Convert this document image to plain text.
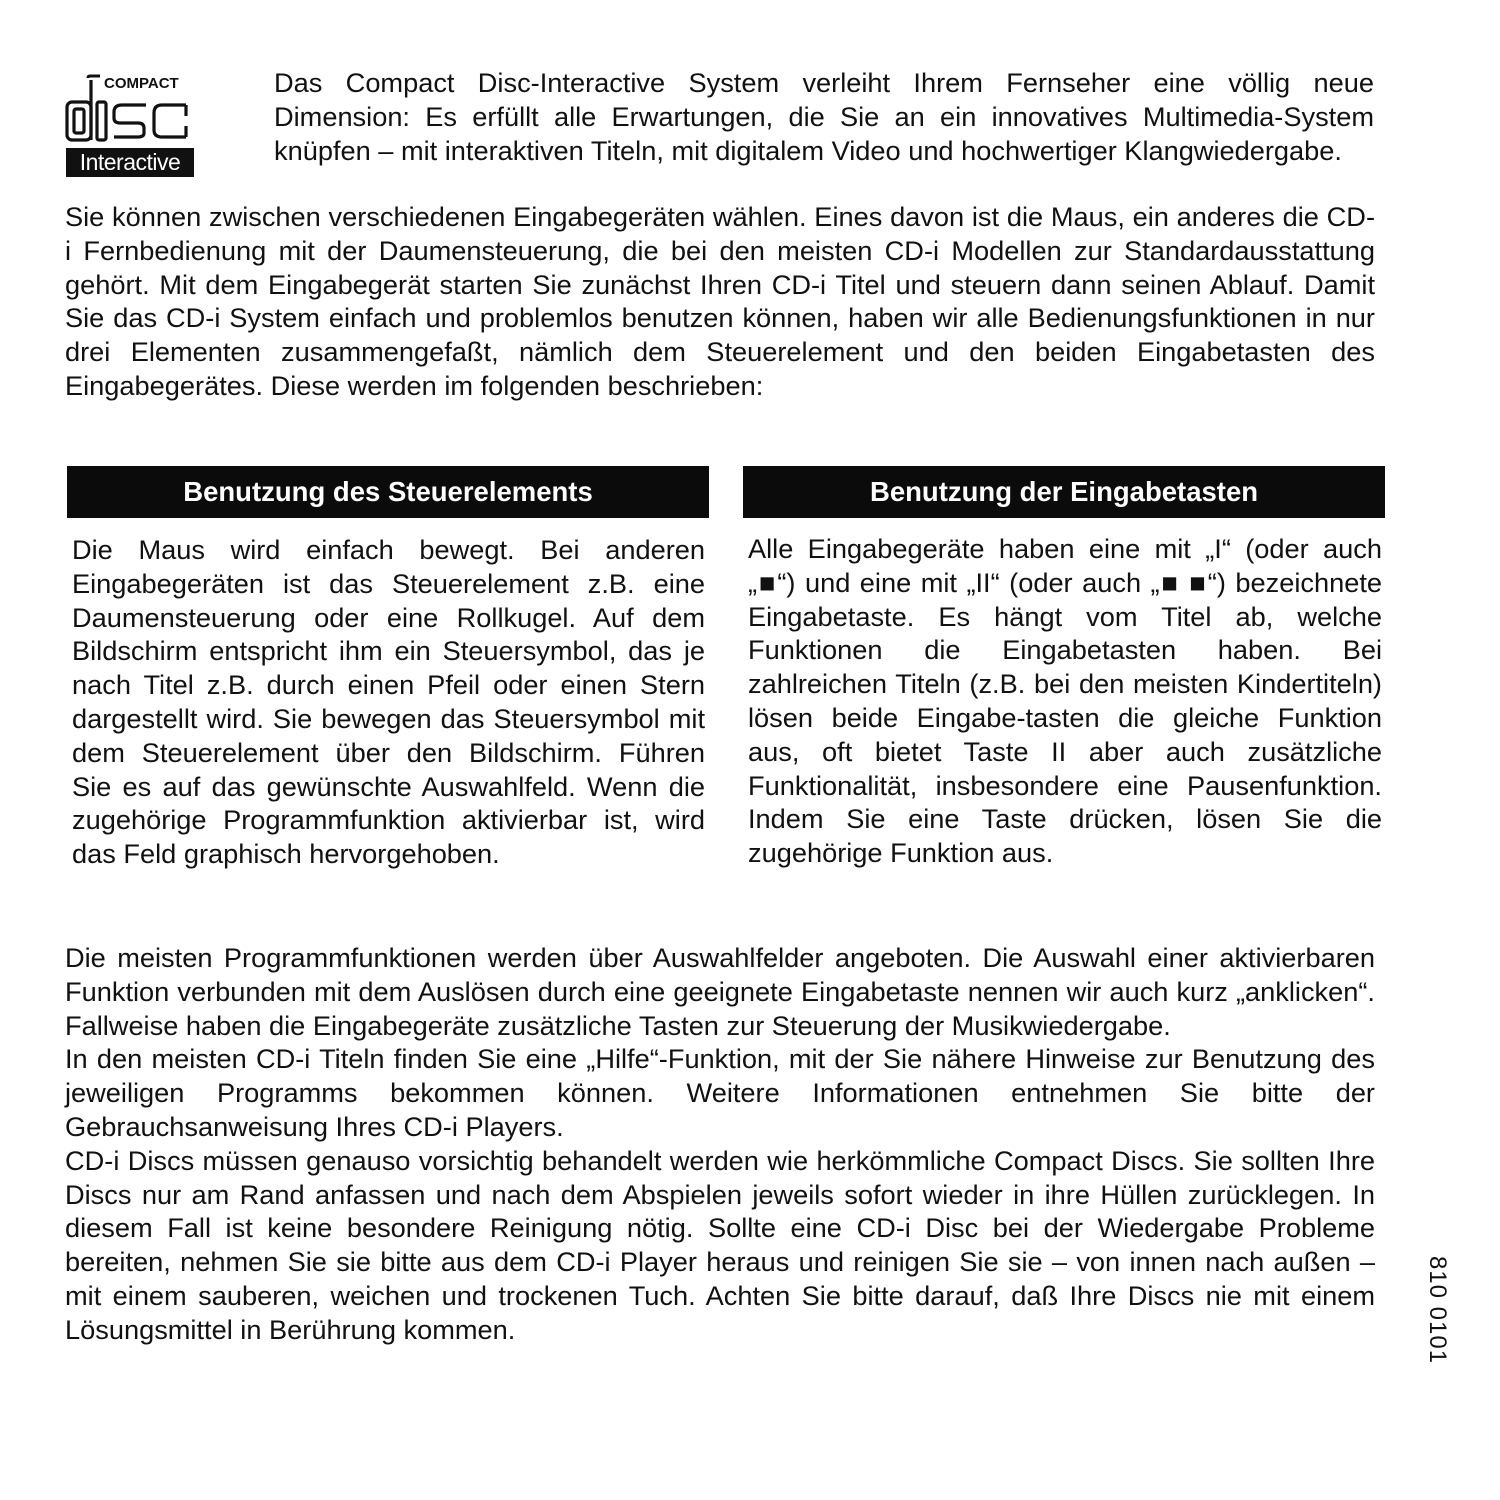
COMPACT
Interactive

Das Compact Disc-Interactive System verleiht Ihrem Fernseher eine völlig neue Dimension: Es erfüllt alle Erwartungen, die Sie an ein innovatives Multimedia-System knüpfen – mit interaktiven Titeln, mit digitalem Video und hochwertiger Klangwiedergabe.

Sie können zwischen verschiedenen Eingabegeräten wählen. Eines davon ist die Maus, ein anderes die CD-i Fernbedienung mit der Daumensteuerung, die bei den meisten CD-i Modellen zur Standardausstattung gehört. Mit dem Eingabegerät starten Sie zunächst Ihren CD-i Titel und steuern dann seinen Ablauf. Damit Sie das CD-i System einfach und problemlos benutzen können, haben wir alle Bedienungsfunktionen in nur drei Elementen zusammengefaßt, nämlich dem Steuerelement und den beiden Eingabetasten des Eingabegerätes. Diese werden im folgenden beschrieben:

Benutzung des Steuerelements	Benutzung der Eingabetasten

Die Maus wird einfach bewegt. Bei anderen Eingabegeräten ist das Steuerelement z.B. eine Daumensteuerung oder eine Rollkugel. Auf dem Bildschirm entspricht ihm ein Steuersymbol, das je nach Titel z.B. durch einen Pfeil oder einen Stern dargestellt wird. Sie bewegen das Steuersymbol mit dem Steuerelement über den Bildschirm. Führen Sie es auf das gewünschte Auswahlfeld. Wenn die zugehörige Programmfunktion aktivierbar ist, wird das Feld graphisch hervorgehoben.

Alle Eingabegeräte haben eine mit „I“ (oder auch „■“) und eine mit „II“ (oder auch „■ ■“) bezeichnete Eingabetaste. Es hängt vom Titel ab, welche Funktionen die Eingabetasten haben. Bei zahlreichen Titeln (z.B. bei den meisten Kindertiteln) lösen beide Eingabe-tasten die gleiche Funktion aus, oft bietet Taste II aber auch zusätzliche Funktionalität, insbesondere eine Pausenfunktion. Indem Sie eine Taste drücken, lösen Sie die zugehörige Funktion aus.

Die meisten Programmfunktionen werden über Auswahlfelder angeboten. Die Auswahl einer aktivierbaren Funktion verbunden mit dem Auslösen durch eine geeignete Eingabetaste nennen wir auch kurz „anklicken“. Fallweise haben die Eingabegeräte zusätzliche Tasten zur Steuerung der Musikwiedergabe.

In den meisten CD-i Titeln finden Sie eine „Hilfe“-Funktion, mit der Sie nähere Hinweise zur Benutzung des jeweiligen Programms bekommen können. Weitere Informationen entnehmen Sie bitte der Gebrauchsanweisung Ihres CD-i Players.

CD-i Discs müssen genauso vorsichtig behandelt werden wie herkömmliche Compact Discs. Sie sollten Ihre Discs nur am Rand anfassen und nach dem Abspielen jeweils sofort wieder in ihre Hüllen zurücklegen. In diesem Fall ist keine besondere Reinigung nötig. Sollte eine CD-i Disc bei der Wiedergabe Probleme bereiten, nehmen Sie sie bitte aus dem CD-i Player heraus und reinigen Sie sie – von innen nach außen – mit einem sauberen, weichen und trockenen Tuch. Achten Sie bitte darauf, daß Ihre Discs nie mit einem Lösungsmittel in Berührung kommen.	810 0101
